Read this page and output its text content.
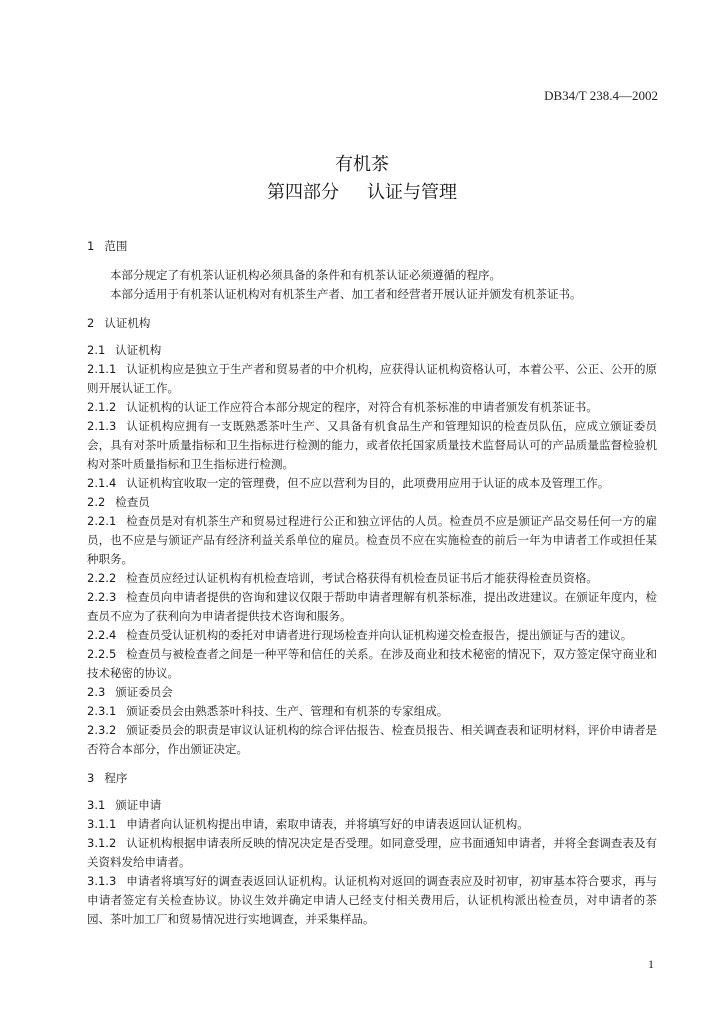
DB34/T 238.4—2002
有机茶
第四部分 认证与管理
1 范围
本部分规定了有机茶认证机构必须具备的条件和有机茶认证必须遵循的程序。
本部分适用于有机茶认证机构对有机茶生产者、加工者和经营者开展认证并颁发有机茶证书。
2 认证机构
2.1 认证机构
2.1.1 认证机构应是独立于生产者和贸易者的中介机构，应获得认证机构资格认可，本着公平、公正、公开的原则开展认证工作。
2.1.2 认证机构的认证工作应符合本部分规定的程序，对符合有机茶标准的申请者颁发有机茶证书。
2.1.3 认证机构应拥有一支既熟悉茶叶生产、又具备有机食品生产和管理知识的检查员队伍，应成立颁证委员会，具有对茶叶质量指标和卫生指标进行检测的能力，或者依托国家质量技术监督局认可的产品质量监督检验机构对茶叶质量指标和卫生指标进行检测。
2.1.4 认证机构宜收取一定的管理费，但不应以营利为目的，此项费用应用于认证的成本及管理工作。
2.2 检查员
2.2.1 检查员是对有机茶生产和贸易过程进行公正和独立评估的人员。检查员不应是颁证产品交易任何一方的雇员，也不应是与颁证产品有经济利益关系单位的雇员。检查员不应在实施检查的前后一年为申请者工作或担任某种职务。
2.2.2 检查员应经过认证机构有机检查培训，考试合格获得有机检查员证书后才能获得检查员资格。
2.2.3 检查员向申请者提供的咨询和建议仅限于帮助申请者理解有机茶标准，提出改进建议。在颁证年度内，检查员不应为了获利向为申请者提供技术咨询和服务。
2.2.4 检查员受认证机构的委托对申请者进行现场检查并向认证机构递交检查报告，提出颁证与否的建议。
2.2.5 检查员与被检查者之间是一种平等和信任的关系。在涉及商业和技术秘密的情况下，双方签定保守商业和技术秘密的协议。
2.3 颁证委员会
2.3.1 颁证委员会由熟悉茶叶科技、生产、管理和有机茶的专家组成。
2.3.2 颁证委员会的职责是审议认证机构的综合评估报告、检查员报告、相关调查表和证明材料，评价申请者是否符合本部分，作出颁证决定。
3 程序
3.1 颁证申请
3.1.1 申请者向认证机构提出申请，索取申请表，并将填写好的申请表返回认证机构。
3.1.2 认证机构根据申请表所反映的情况决定是否受理。如同意受理，应书面通知申请者，并将全套调查表及有关资料发给申请者。
3.1.3 申请者将填写好的调查表返回认证机构。认证机构对返回的调查表应及时初审，初审基本符合要求，再与申请者签定有关检查协议。协议生效并确定申请人已经支付相关费用后，认证机构派出检查员，对申请者的茶园、茶叶加工厂和贸易情况进行实地调查，并采集样品。
1
